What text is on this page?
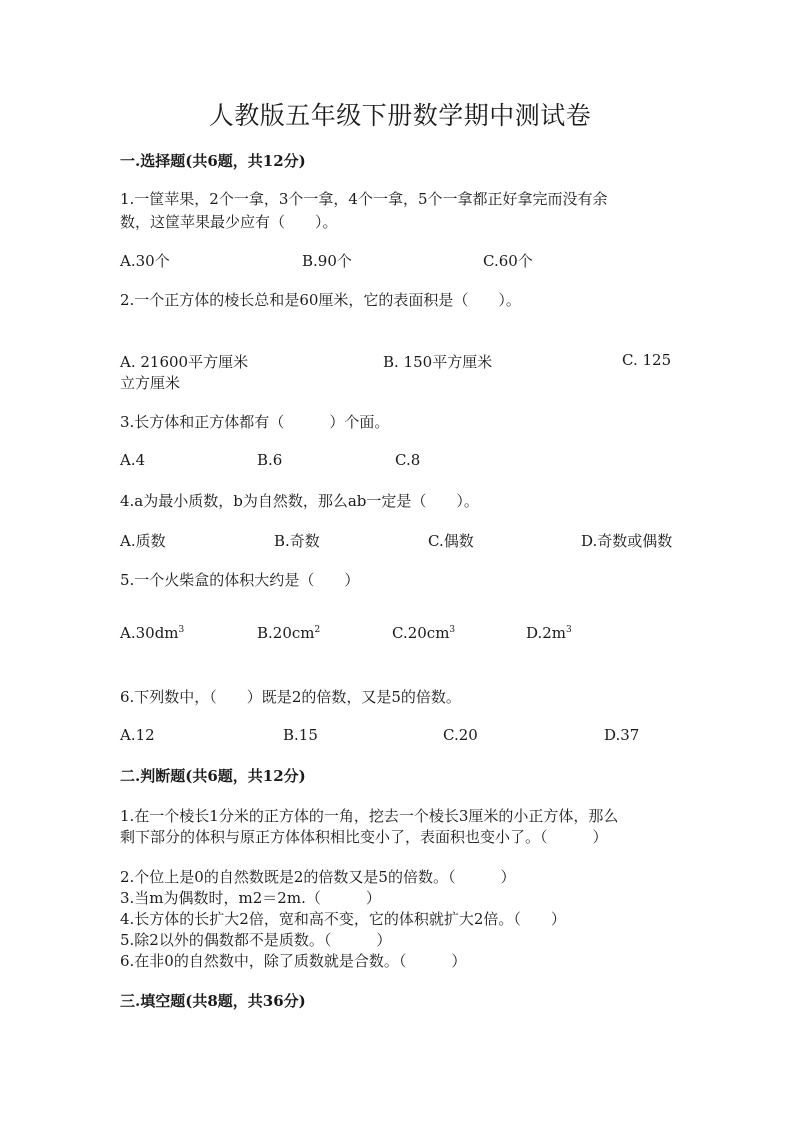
人教版五年级下册数学期中测试卷
一.选择题(共6题，共12分)
1.一筐苹果，2个一拿，3个一拿，4个一拿，5个一拿都正好拿完而没有余
数，这筐苹果最少应有（　　）。
A.30个	B.90个	C.60个
2.一个正方体的棱长总和是60厘米，它的表面积是（　　）。
A. 21600平方厘米	B. 150平方厘米	C. 125
立方厘米
3.长方体和正方体都有（　　　）个面。
A.4	B.6	C.8
4.a为最小质数，b为自然数，那么ab一定是（　　）。
A.质数	B.奇数	C.偶数	D.奇数或偶数
5.一个火柴盒的体积大约是（　　）
$A.30dm^3$	$B.20cm^2$	$C.20cm^3$	$D.2m^3$
6.下列数中，（　　）既是2的倍数，又是5的倍数。
A.12	B.15	C.20	D.37
二.判断题(共6题，共12分)
1.在一个棱长1分米的正方体的一角，挖去一个棱长3厘米的小正方体，那么
剩下部分的体积与原正方体体积相比变小了，表面积也变小了。（　　　）
2.个位上是0的自然数既是2的倍数又是5的倍数。（　　　）
3.当m为偶数时，m2＝2m.（　　　）
4.长方体的长扩大2倍，宽和高不变，它的体积就扩大2倍。（　　）
5.除2以外的偶数都不是质数。（　　　）
6.在非0的自然数中，除了质数就是合数。（　　　）
三.填空题(共8题，共36分)
